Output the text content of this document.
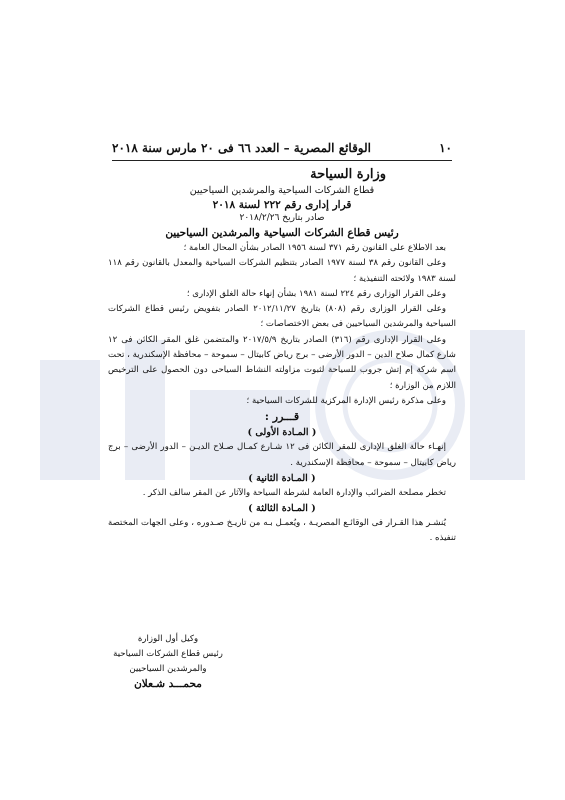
١٠
الوقائع المصرية – العدد ٦٦ فى ٢٠ مارس سنة ٢٠١٨
وزارة السياحة
قطاع الشركات السياحية والمرشدين السياحيين
قرار إدارى رقم ٢٢٢ لسنة ٢٠١٨
صادر بتاريخ ٢٠١٨/٢/٢٦
رئيس قطاع الشركات السياحية والمرشدين السياحيين

بعد الاطلاع على القانون رقم ٣٧١ لسنة ١٩٥٦ الصادر بشأن المحال العامة ؛

وعلى القانون رقم ٣٨ لسنة ١٩٧٧ الصادر بتنظيم الشركات السياحية والمعدل بالقانون رقم ١١٨ لسنة ١٩٨٣ ولائحته التنفيذية ؛

وعلى القرار الوزارى رقم ٢٢٤ لسنة ١٩٨١ بشأن إنهاء حالة الغلق الإدارى ؛

وعلى القرار الوزارى رقم (٨٠٨) بتاريخ ٢٠١٢/١١/٢٧ الصادر بتفويض رئيس قطاع الشركات السياحية والمرشدين السياحيين فى بعض الاختصاصات ؛

وعلى القرار الإدارى رقم (٣١٦) الصادر بتاريخ ٢٠١٧/٥/٩ والمتضمن غلق المقر الكائن فى ١٢ شارع كمال صلاح الدين – الدور الأرضى – برج رياض كابيتال – سموحة – محافظة الإسكندرية ، تحت اسم شركة إم إتش جروب للسياحة لثبوت مزاولته النشاط السياحى دون الحصول على الترخيص اللازم من الوزارة ؛

وعلى مذكرة رئيس الإدارة المركزية للشركات السياحية ؛

قـــرر :
( المـادة الأولى )

إنهـاء حالة الغلق الإدارى للمقر الكائن فى ١٢ شـارع كمـال صـلاح الديـن – الدور الأرضى – برج رياض كابيتال – سموحة – محافظة الإسكندرية .

( المـادة الثانية )

تخطر مصلحة الضرائب والإدارة العامة لشرطة السياحة والآثار عن المقر سالف الذكر .

( المـادة الثالثة )

يُنشـر هذا القـرار فى الوقائـع المصريـة ، ويُعمـل بـه من تاريـخ صـدوره ، وعلى الجهات المختصة تنفيذه .

وكيل أول الوزارة
رئيس قطاع الشركات السياحية
والمرشدين السياحيين
محمـــد شـعلان
